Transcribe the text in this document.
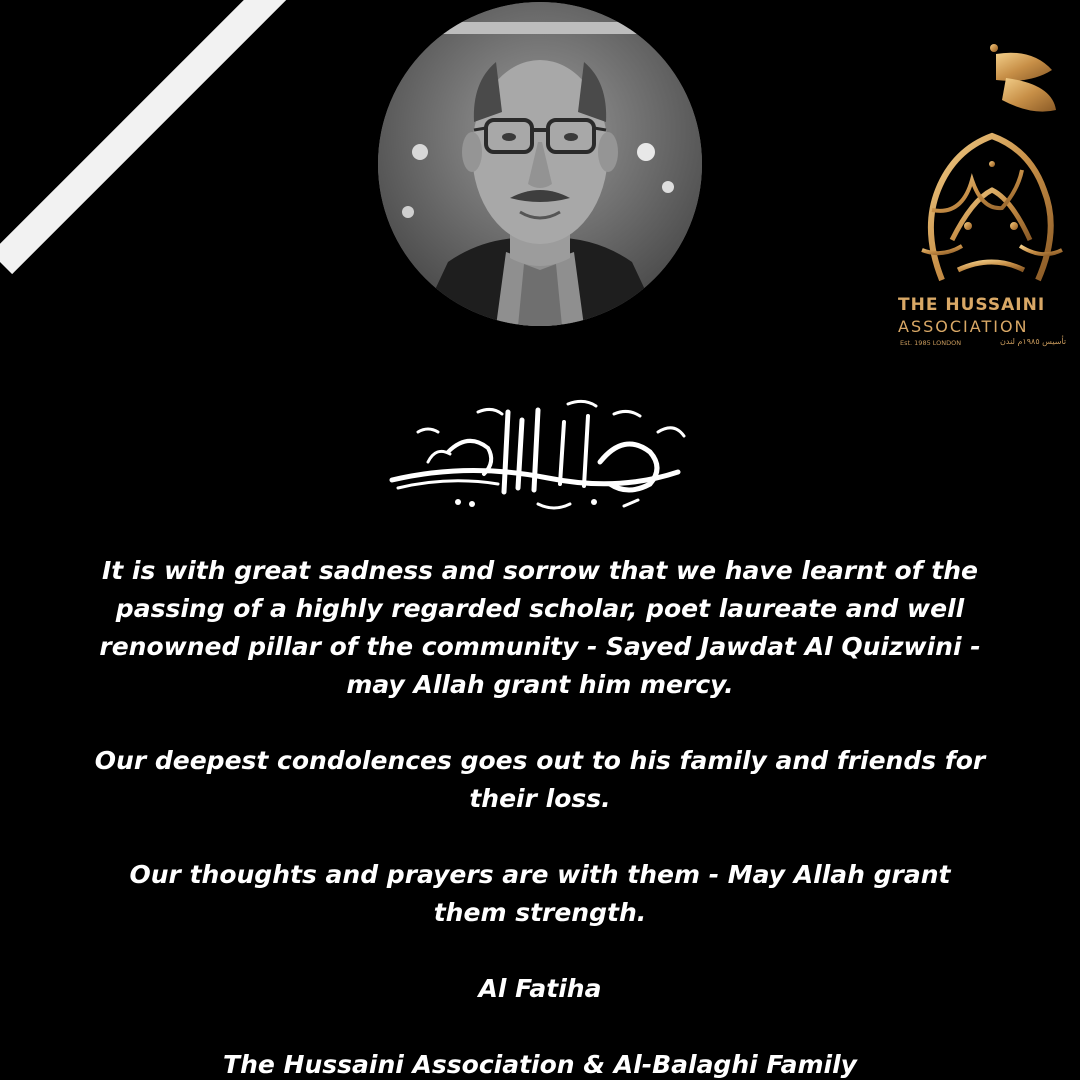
THE HUSSAINI
ASSOCIATION
Est. 1985 LONDON	تأسيس ١٩٨٥م لندن

It is with great sadness and sorrow that we have learnt of the

passing of a highly regarded scholar, poet laureate and well

renowned pillar of the community - Sayed Jawdat Al Quizwini -

may Allah grant him mercy.

Our deepest condolences goes out to his family and friends for

their loss.

Our thoughts and prayers are with them - May Allah grant

them strength.

Al Fatiha

The Hussaini Association & Al-Balaghi Family
